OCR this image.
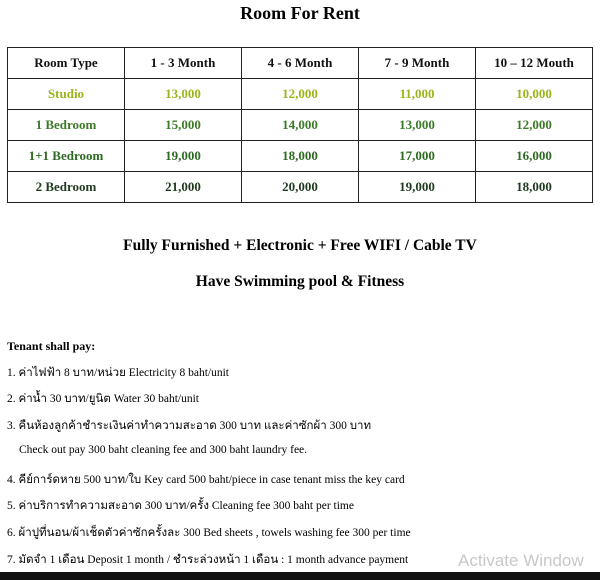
Room For Rent
Room Type	1 - 3 Month	4 - 6 Month	7 - 9 Month	10 – 12 Mouth
Studio	13,000	12,000	11,000	10,000
1 Bedroom	15,000	14,000	13,000	12,000
1+1 Bedroom	19,000	18,000	17,000	16,000
2 Bedroom	21,000	20,000	19,000	18,000
Fully Furnished + Electronic + Free WIFI / Cable TV
Have Swimming pool & Fitness
Tenant shall pay:
1. ค่าไฟฟ้า 8 บาท/หน่วย Electricity 8 baht/unit
2. ค่าน้ำ 30 บาท/ยูนิต Water 30 baht/unit
3. คืนห้องลูกค้าชำระเงินค่าทำความสะอาด 300 บาท และค่าซักผ้า 300 บาท
Check out pay 300 baht cleaning fee and 300 baht laundry fee.
4. คีย์การ์ดหาย 500 บาท/ใบ Key card 500 baht/piece in case tenant miss the key card
5. ค่าบริการทำความสะอาด 300 บาท/ครั้ง Cleaning fee 300 baht per time
6. ผ้าปูที่นอน/ผ้าเช็ดตัวค่าซักครั้งละ 300 Bed sheets , towels washing fee 300 per time
7. มัดจำ 1 เดือน Deposit 1 month / ชำระล่วงหน้า 1 เดือน : 1 month advance payment	Activate Window
